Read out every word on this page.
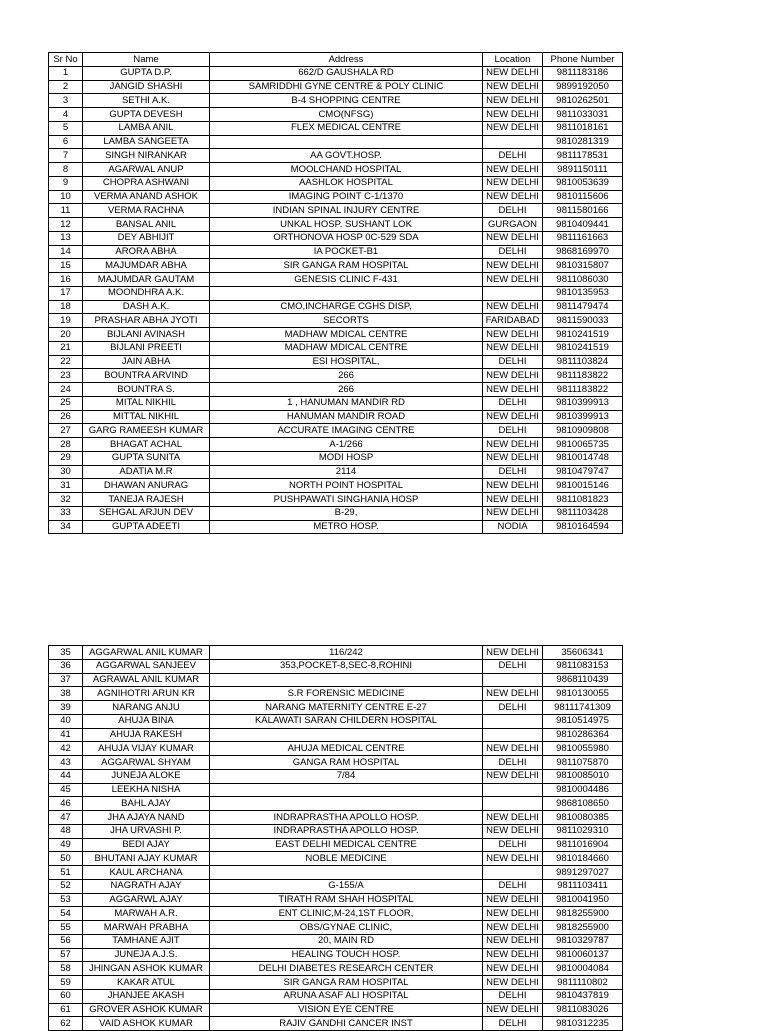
Sr No	Name	Address	Location	Phone Number
1	GUPTA D.P.	662/D GAUSHALA RD	NEW DELHI	9811183186
2	JANGID SHASHI	SAMRIDDHI GYNE CENTRE & POLY CLINIC	NEW DELHI	9899192050
3	SETHI A.K.	B-4 SHOPPING CENTRE	NEW DELHI	9810262501
4	GUPTA DEVESH	CMO(NFSG)	NEW DELHI	9811033031
5	LAMBA ANIL	FLEX MEDICAL CENTRE	NEW DELHI	9811018161
6	LAMBA SANGEETA			9810281319
7	SINGH NIRANKAR	AA GOVT.HOSP.	DELHI	9811178531
8	AGARWAL ANUP	MOOLCHAND HOSPITAL	NEW DELHI	9891150111
9	CHOPRA ASHWANI	AASHLOK HOSPITAL	NEW DELHI	9810053639
10	VERMA ANAND ASHOK	IMAGING POINT C-1/1370	NEW DELHI	9810115606
11	VERMA RACHNA	INDIAN SPINAL INJURY CENTRE	DELHI	9811580166
12	BANSAL ANIL	UNKAL HOSP. SUSHANT LOK	GURGAON	9810409441
13	DEY ABHIJIT	ORTHONOVA HOSP 0C-529 SDA	NEW DELHI	9811161663
14	ARORA ABHA	IA POCKET-B1	DELHI	9868169970
15	MAJUMDAR ABHA	SIR GANGA RAM HOSPITAL	NEW DELHI	9810315807
16	MAJUMDAR GAUTAM	GENESIS CLINIC F-431	NEW DELHI	9811086030
17	MOONDHRA A.K.			9810135953
18	DASH A.K.	CMO,INCHARGE CGHS DISP,	NEW DELHI	9811479474
19	PRASHAR ABHA JYOTI	SECORTS	FARIDABAD	9811590033
20	BIJLANI AVINASH	MADHAW MDICAL CENTRE	NEW DELHI	9810241519
21	BIJLANI PREETI	MADHAW MDICAL CENTRE	NEW DELHI	9810241519
22	JAIN ABHA	ESI HOSPITAL,	DELHI	9811103824
23	BOUNTRA ARVIND	266	NEW DELHI	9811183822
24	BOUNTRA S.	266	NEW DELHI	9811183822
25	MITAL NIKHIL	1 , HANUMAN MANDIR RD	DELHI	9810399913
26	MITTAL NIKHIL	HANUMAN MANDIR ROAD	NEW DELHI	9810399913
27	GARG RAMEESH KUMAR	ACCURATE IMAGING CENTRE	DELHI	9810909808
28	BHAGAT ACHAL	A-1/266	NEW DELHI	9810065735
29	GUPTA SUNITA	MODI HOSP	NEW DELHI	9810014748
30	ADATIA M.R	2114	DELHI	9810479747
31	DHAWAN ANURAG	NORTH POINT HOSPITAL	NEW DELHI	9810015146
32	TANEJA RAJESH	PUSHPAWATI SINGHANIA HOSP	NEW DELHI	9811081823
33	SEHGAL ARJUN DEV	B-29,	NEW DELHI	9811103428
34	GUPTA ADEETI	METRO HOSP.	NODIA	9810164594
35	AGGARWAL ANIL KUMAR	116/242	NEW DELHI	35606341
36	AGGARWAL SANJEEV	353,POCKET-8,SEC-8,ROHINI	DELHI	9811083153
37	AGRAWAL ANIL KUMAR			9868110439
38	AGNIHOTRI ARUN KR	S.R FORENSIC MEDICINE	NEW DELHI	9810130055
39	NARANG ANJU	NARANG MATERNITY CENTRE E-27	DELHI	98111741309
40	AHUJA BINA	KALAWATI SARAN CHILDERN HOSPITAL		9810514975
41	AHUJA RAKESH			9810286364
42	AHUJA VIJAY KUMAR	AHUJA MEDICAL CENTRE	NEW DELHI	9810055980
43	AGGARWAL SHYAM	GANGA RAM HOSPITAL	DELHI	9811075870
44	JUNEJA ALOKE	7/84	NEW DELHI	9810085010
45	LEEKHA NISHA			9810004486
46	BAHL AJAY			9868108650
47	JHA AJAYA NAND	INDRAPRASTHA APOLLO HOSP.	NEW DELHI	9810080385
48	JHA URVASHI P.	INDRAPRASTHA APOLLO HOSP.	NEW DELHI	9811029310
49	BEDI AJAY	EAST DELHI MEDICAL CENTRE	DELHI	9811016904
50	BHUTANI AJAY KUMAR	NOBLE MEDICINE	NEW DELHI	9810184660
51	KAUL ARCHANA			9891297027
52	NAGRATH AJAY	G-155/A	DELHI	9811103411
53	AGGARWL AJAY	TIRATH RAM SHAH HOSPITAL	NEW DELHI	9810041950
54	MARWAH A.R.	ENT CLINIC,M-24,1ST FLOOR,	NEW DELHI	9818255900
55	MARWAH PRABHA	OBS/GYNAE CLINIC,	NEW DELHI	9818255900
56	TAMHANE AJIT	20, MAIN RD	NEW DELHI	9810329787
57	JUNEJA A.J.S.	HEALING TOUCH HOSP.	NEW DELHI	9810060137
58	JHINGAN ASHOK KUMAR	DELHI DIABETES RESEARCH CENTER	NEW DELHI	9810004084
59	KAKAR ATUL	SIR GANGA RAM HOSPITAL	NEW DELHI	9811110802
60	JHANJEE AKASH	ARUNA ASAF ALI HOSPITAL	DELHI	9810437819
61	GROVER ASHOK KUMAR	VISION EYE CENTRE	NEW DELHI	9811083026
62	VAID ASHOK KUMAR	RAJIV GANDHI CANCER INST	DELHI	9810312235
